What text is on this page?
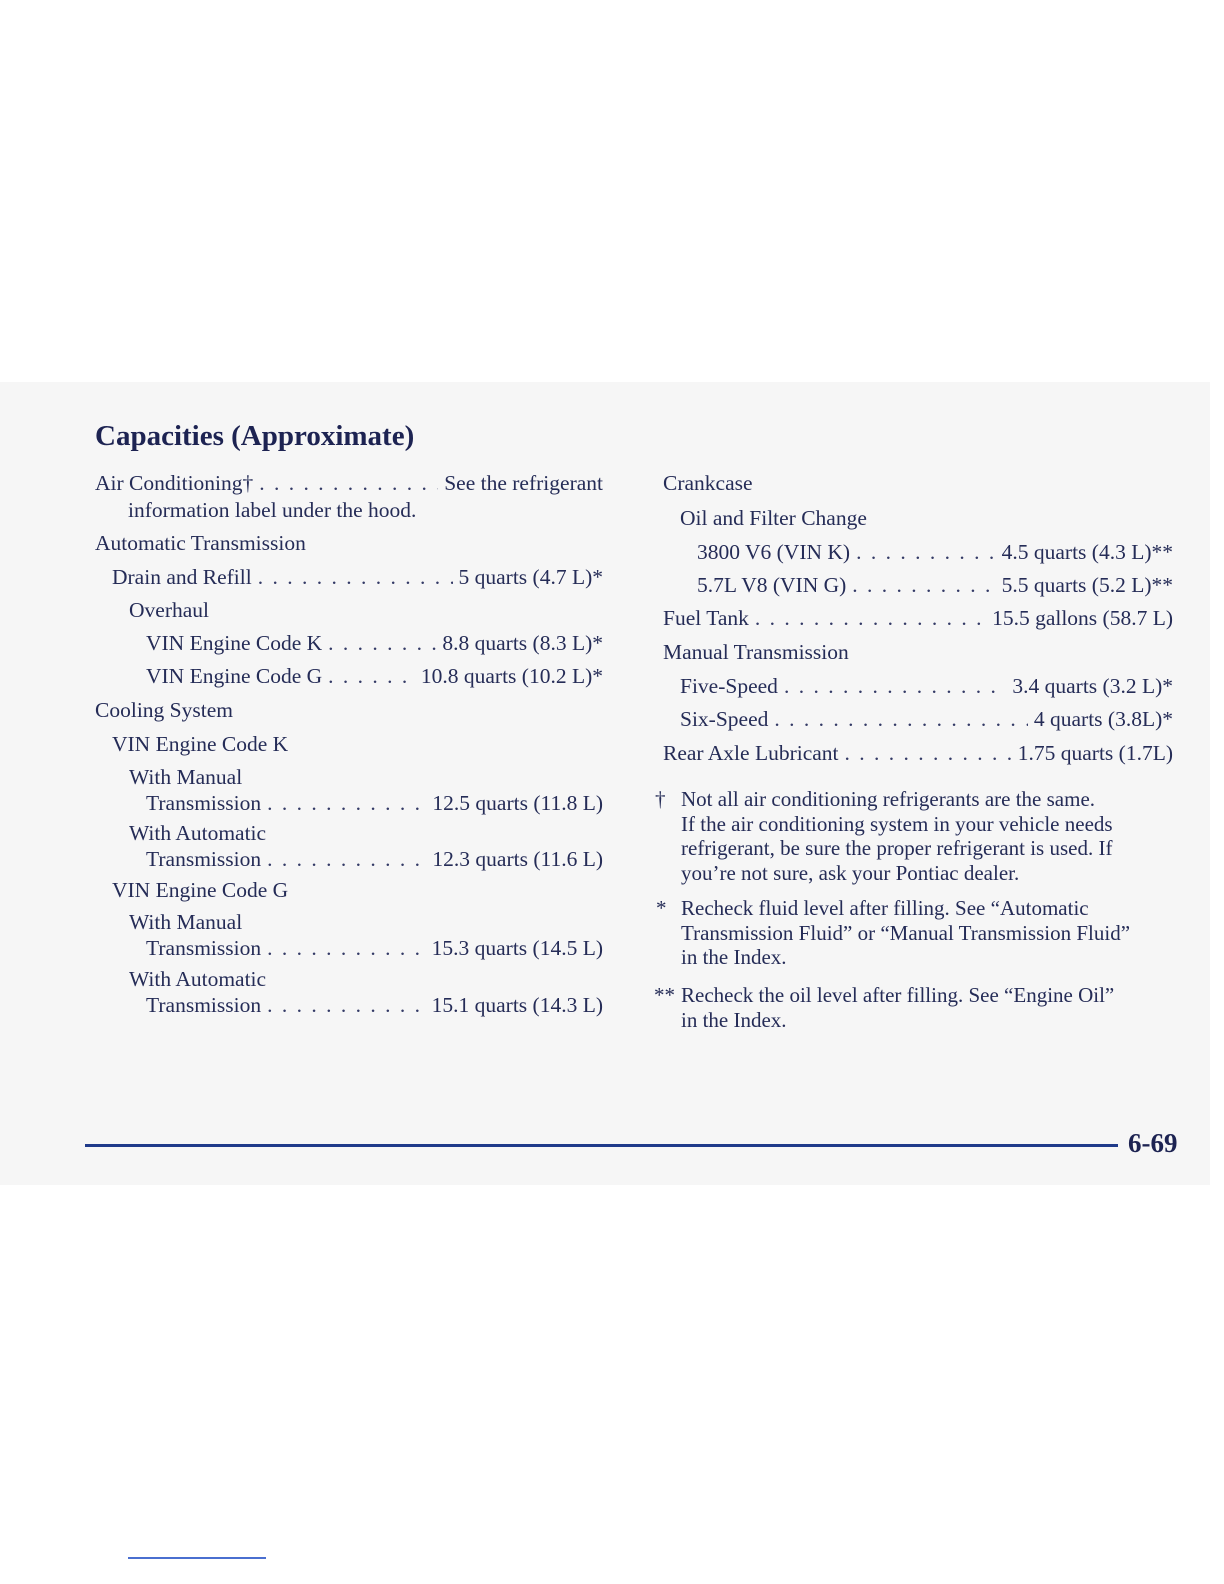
Capacities (Approximate)
Air Conditioning† . . .	See the refrigerant
information label under the hood.
Automatic Transmission
Drain and Refill . . .	5 quarts (4.7 L)*
Overhaul
VIN Engine Code K . . .	8.8 quarts (8.3 L)*
VIN Engine Code G . . .	10.8 quarts (10.2 L)*
Cooling System
VIN Engine Code K
With Manual
Transmission . . .	12.5 quarts (11.8 L)
With Automatic
Transmission . . .	12.3 quarts (11.6 L)
VIN Engine Code G
With Manual
Transmission . . .	15.3 quarts (14.5 L)
With Automatic
Transmission . . .	15.1 quarts (14.3 L)
Crankcase
Oil and Filter Change
3800 V6 (VIN K) . . .	4.5 quarts (4.3 L)**
5.7L V8 (VIN G) . . .	5.5 quarts (5.2 L)**
Fuel Tank . . .	15.5 gallons (58.7 L)
Manual Transmission
Five-Speed . . .	3.4 quarts (3.2 L)*
Six-Speed . . .	4 quarts (3.8L)*
Rear Axle Lubricant . . .	1.75 quarts (1.7L)
† Not all air conditioning refrigerants are the same.
If the air conditioning system in your vehicle needs
refrigerant, be sure the proper refrigerant is used. If
you’re not sure, ask your Pontiac dealer.
* Recheck fluid level after filling. See “Automatic
Transmission Fluid” or “Manual Transmission Fluid”
in the Index.
** Recheck the oil level after filling. See “Engine Oil”
in the Index.
6-69
